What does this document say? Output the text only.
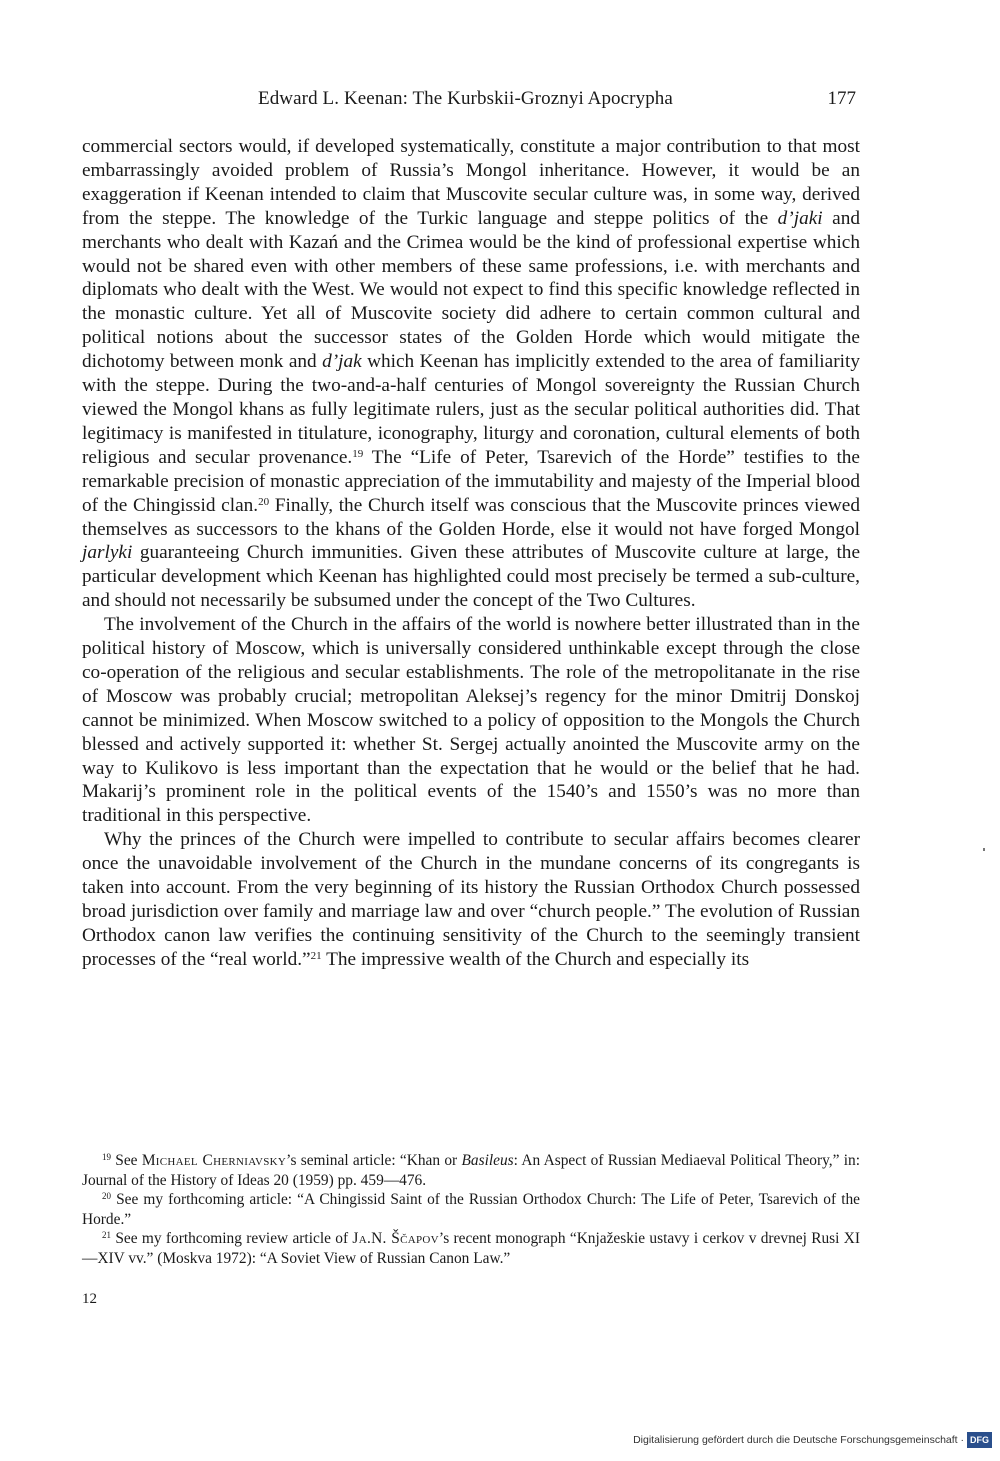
Edward L. Keenan: The Kurbskii-Groznyi Apocrypha	177

commercial sectors would, if developed systematically, constitute a major contribution to that most embarrassingly avoided problem of Russia’s Mongol inheritance. However, it would be an exaggeration if Keenan intended to claim that Muscovite secular culture was, in some way, derived from the steppe. The knowledge of the Turkic language and steppe politics of the d’jaki and merchants who dealt with Kazań and the Crimea would be the kind of professional expertise which would not be shared even with other members of these same professions, i.e. with merchants and diplomats who dealt with the West. We would not expect to find this specific knowledge reflected in the monastic culture. Yet all of Muscovite society did adhere to certain common cultural and political notions about the successor states of the Golden Horde which would mitigate the dichotomy between monk and d’jak which Keenan has implicitly extended to the area of familiarity with the steppe. During the two-and-a-half centuries of Mongol sovereignty the Russian Church viewed the Mongol khans as fully legitimate rulers, just as the secular political authorities did. That legitimacy is manifested in titulature, iconography, liturgy and coronation, cultural elements of both religious and secular provenance.$^{19}$ The “Life of Peter, Tsarevich of the Horde” testifies to the remarkable precision of monastic appreciation of the immutability and majesty of the Imperial blood of the Chingissid clan.$^{20}$ Finally, the Church itself was conscious that the Muscovite princes viewed themselves as successors to the khans of the Golden Horde, else it would not have forged Mongol jarlyki guaranteeing Church immunities. Given these attributes of Muscovite culture at large, the particular development which Keenan has highlighted could most precisely be termed a sub-culture, and should not necessarily be subsumed under the concept of the Two Cultures.

The involvement of the Church in the affairs of the world is nowhere better illustrated than in the political history of Moscow, which is universally considered unthinkable except through the close co-operation of the religious and secular establishments. The role of the metropolitanate in the rise of Moscow was probably crucial; metropolitan Aleksej’s regency for the minor Dmitrij Donskoj cannot be minimized. When Moscow switched to a policy of opposition to the Mongols the Church blessed and actively supported it: whether St. Sergej actually anointed the Muscovite army on the way to Kulikovo is less important than the expectation that he would or the belief that he had. Makarij’s prominent role in the political events of the 1540’s and 1550’s was no more than traditional in this perspective.

Why the princes of the Church were impelled to contribute to secular affairs becomes clearer once the unavoidable involvement of the Church in the mundane concerns of its congregants is taken into account. From the very beginning of its history the Russian Orthodox Church possessed broad jurisdiction over family and marriage law and over “church people.” The evolution of Russian Orthodox canon law verifies the continuing sensitivity of the Church to the seemingly transient processes of the “real world.”$^{21}$ The impressive wealth of the Church and especially its

$^{19}$ See Michael Cherniavsky’s seminal article: “Khan or Basileus: An Aspect of Russian Mediaeval Political Theory,” in: Journal of the History of Ideas 20 (1959) pp. 459—476.

$^{20}$ See my forthcoming article: “A Chingissid Saint of the Russian Orthodox Church: The Life of Peter, Tsarevich of the Horde.”

$^{21}$ See my forthcoming review article of Ja.N. Ščapov’s recent monograph “Knjažeskie ustavy i cerkov v drevnej Rusi XI—XIV vv.” (Moskva 1972): “A Soviet View of Russian Canon Law.”

12
Digitalisierung gefördert durch die Deutsche Forschungsgemeinschaft · DFG
